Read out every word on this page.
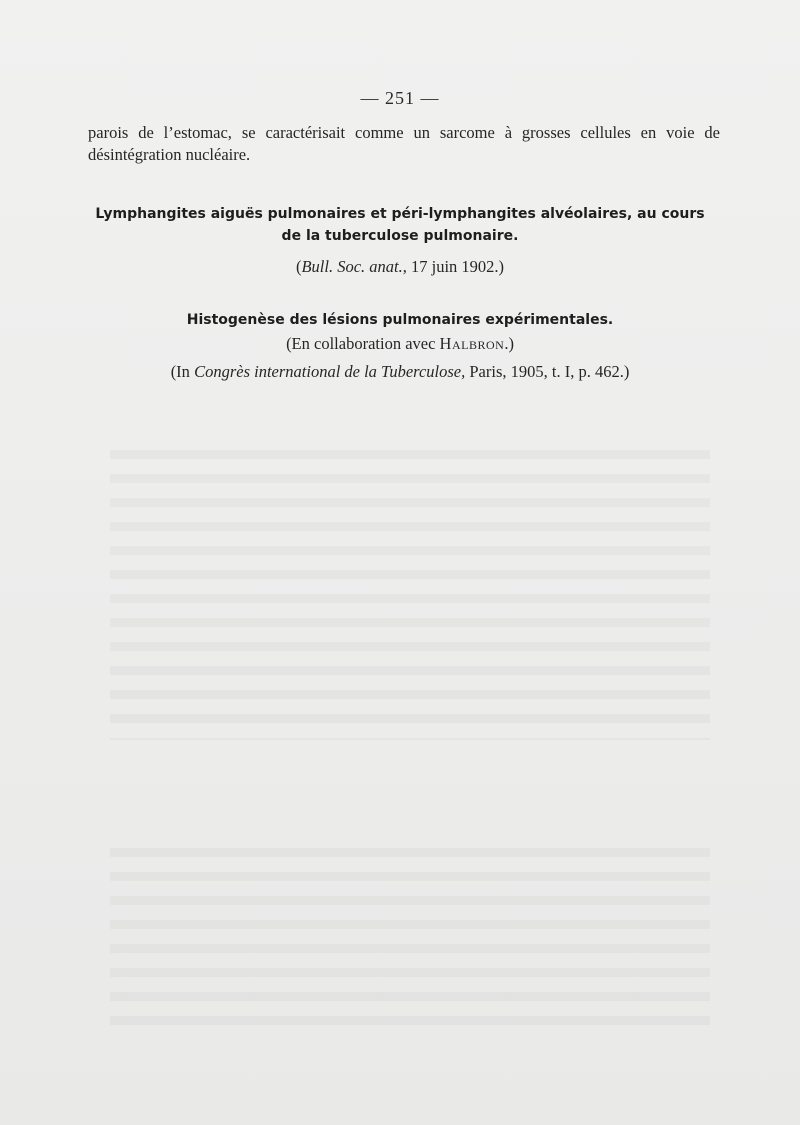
— 251 —
parois de l’estomac, se caractérisait comme un sarcome à grosses cellules en voie de
désintégration nucléaire.
Lymphangites aiguës pulmonaires et péri-lymphangites alvéolaires, au cours
de la tuberculose pulmonaire.
(Bull. Soc. anat., 17 juin 1902.)
Histogenèse des lésions pulmonaires expérimentales.
(En collaboration avec Halbron.)
(In Congrès international de la Tuberculose, Paris, 1905, t. I, p. 462.)
